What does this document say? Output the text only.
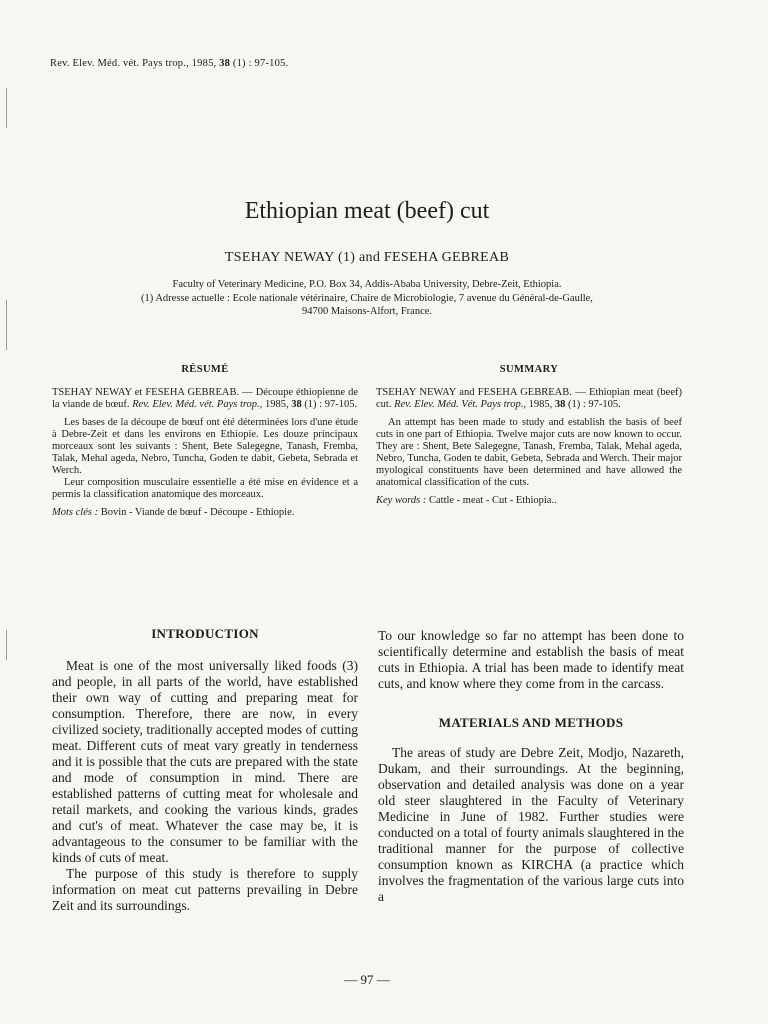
Rev. Elev. Méd. vét. Pays trop., 1985, 38 (1) : 97-105.
Ethiopian meat (beef) cut
TSEHAY NEWAY (1) and FESEHA GEBREAB
Faculty of Veterinary Medicine, P.O. Box 34, Addis-Ababa University, Debre-Zeit, Ethiopia.
(1) Adresse actuelle : Ecole nationale vétérinaire, Chaire de Microbiologie, 7 avenue du Général-de-Gaulle,
94700 Maisons-Alfort, France.
RÉSUMÉ

TSEHAY NEWAY et FESEHA GEBREAB. — Découpe éthiopienne de la viande de bœuf. Rev. Elev. Méd. vét. Pays trop., 1985, 38 (1) : 97-105.

Les bases de la découpe de bœuf ont été déterminées lors d'une étude à Debre-Zeit et dans les environs en Ethiopie. Les douze principaux morceaux sont les suivants : Shent, Bete Salegegne, Tanash, Fremba, Talak, Mehal ageda, Nebro, Tuncha, Goden te dabit, Gebeta, Sebrada et Werch.

Leur composition musculaire essentielle a été mise en évidence et a permis la classification anatomique des morceaux.

Mots clés : Bovin - Viande de bœuf - Découpe - Ethiopie.

SUMMARY

TSEHAY NEWAY and FESEHA GEBREAB. — Ethiopian meat (beef) cut. Rev. Elev. Méd. Vét. Pays trop., 1985, 38 (1) : 97-105.

An attempt has been made to study and establish the basis of beef cuts in one part of Ethiopia. Twelve major cuts are now known to occur. They are : Shent, Bete Salegegne, Tanash, Fremba, Talak, Mehal ageda, Nebro, Tuncha, Goden te dabit, Gebeta, Sebrada and Werch. Their major myological constituents have been determined and have allowed the anatomical classification of the cuts.

Key words : Cattle - meat - Cut - Ethiopia..

INTRODUCTION

Meat is one of the most universally liked foods (3) and people, in all parts of the world, have established their own way of cutting and preparing meat for consumption. Therefore, there are now, in every civilized society, traditionally accepted modes of cutting meat. Different cuts of meat vary greatly in tenderness and it is possible that the cuts are prepared with the state and mode of consumption in mind. There are established patterns of cutting meat for wholesale and retail markets, and cooking the various kinds, grades and cut's of meat. Whatever the case may be, it is advantageous to the consumer to be familiar with the kinds of cuts of meat.

The purpose of this study is therefore to supply information on meat cut patterns prevailing in Debre Zeit and its surroundings.

To our knowledge so far no attempt has been done to scientifically determine and establish the basis of meat cuts in Ethiopia. A trial has been made to identify meat cuts, and know where they come from in the carcass.

MATERIALS AND METHODS

The areas of study are Debre Zeit, Modjo, Nazareth, Dukam, and their surroundings. At the beginning, observation and detailed analysis was done on a year old steer slaughtered in the Faculty of Veterinary Medicine in June of 1982. Further studies were conducted on a total of fourty animals slaughtered in the traditional manner for the purpose of collective consumption known as KIRCHA (a practice which involves the fragmentation of the various large cuts into a

— 97 —
